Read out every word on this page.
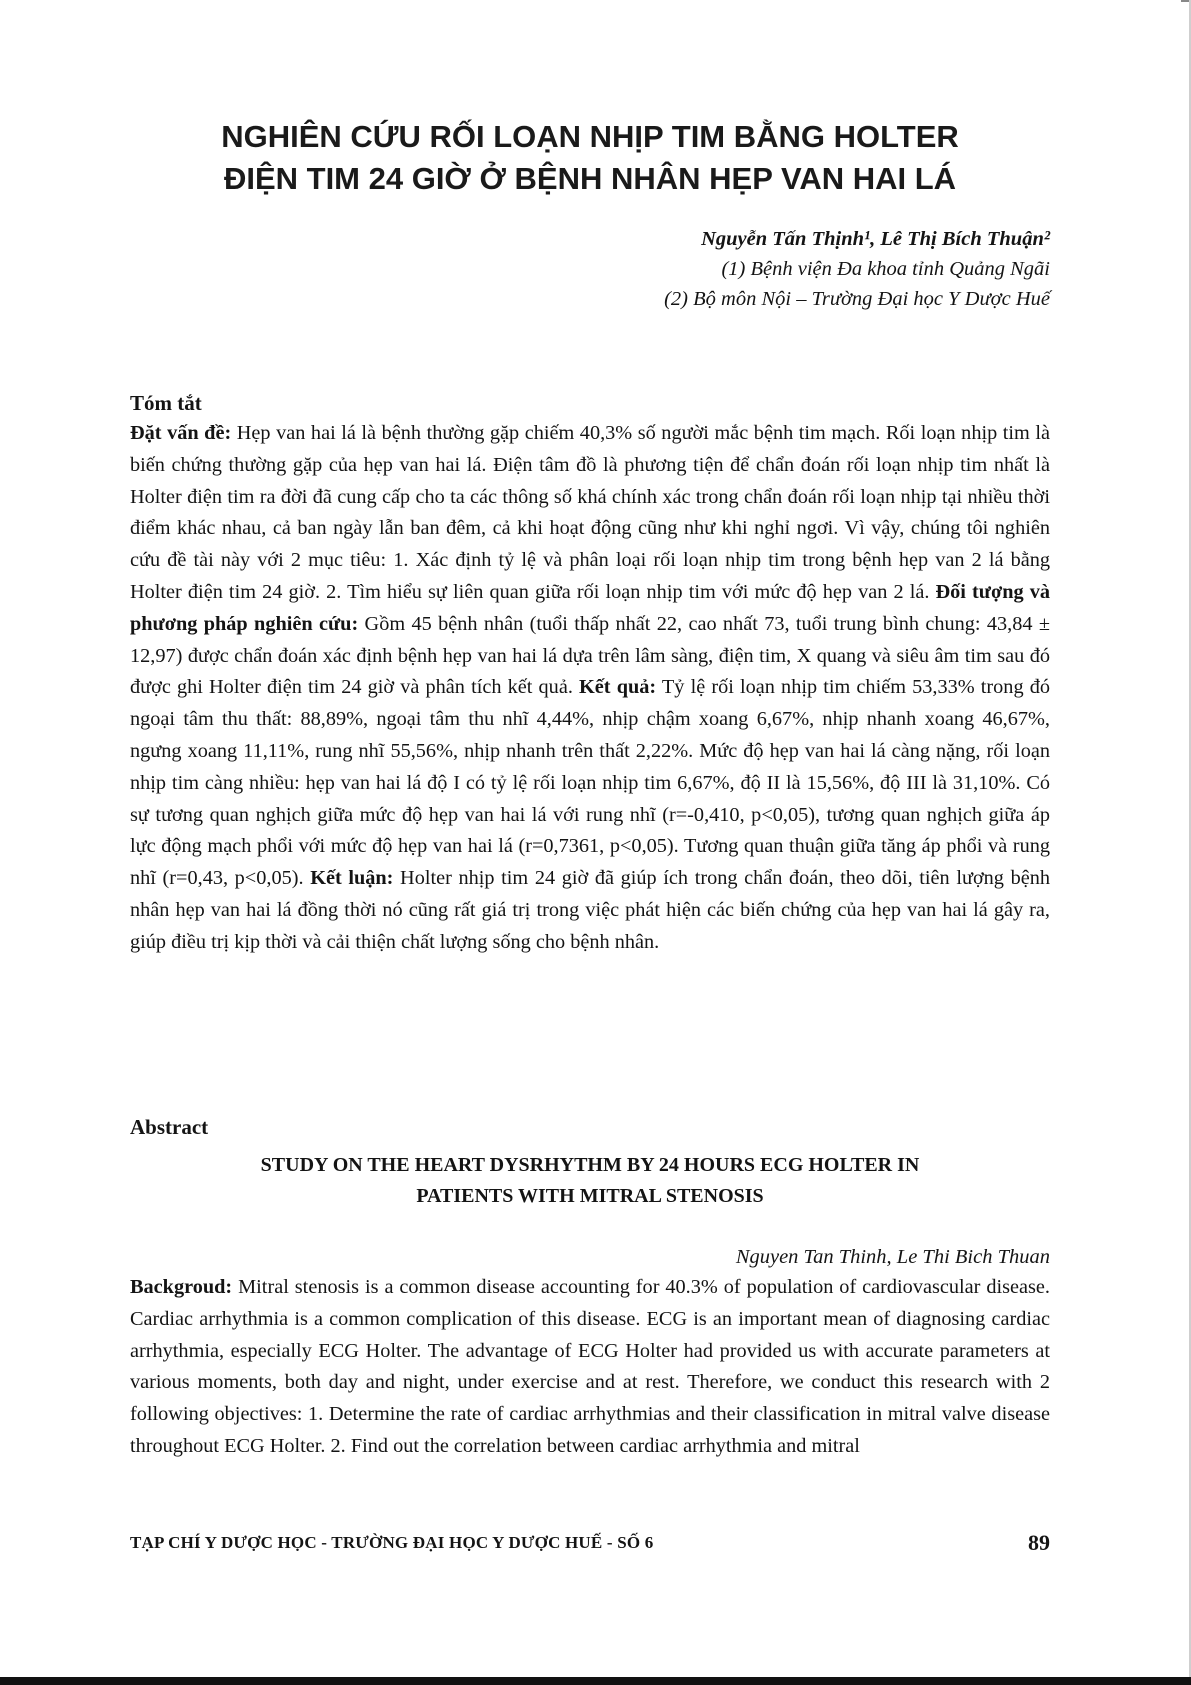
NGHIÊN CỨU RỐI LOẠN NHỊP TIM BẰNG HOLTER
ĐIỆN TIM 24 GIỜ Ở BỆNH NHÂN HẸP VAN HAI LÁ
Nguyễn Tấn Thịnh¹, Lê Thị Bích Thuận²
(1) Bệnh viện Đa khoa tỉnh Quảng Ngãi
(2) Bộ môn Nội – Trường Đại học Y Dược Huế

Tóm tắt

Đặt vấn đề: Hẹp van hai lá là bệnh thường gặp chiếm 40,3% số người mắc bệnh tim mạch. Rối loạn nhịp tim là biến chứng thường gặp của hẹp van hai lá. Điện tâm đồ là phương tiện để chẩn đoán rối loạn nhịp tim nhất là Holter điện tim ra đời đã cung cấp cho ta các thông số khá chính xác trong chẩn đoán rối loạn nhịp tại nhiều thời điểm khác nhau, cả ban ngày lẫn ban đêm, cả khi hoạt động cũng như khi nghỉ ngơi. Vì vậy, chúng tôi nghiên cứu đề tài này với 2 mục tiêu: 1. Xác định tỷ lệ và phân loại rối loạn nhịp tim trong bệnh hẹp van 2 lá bằng Holter điện tim 24 giờ. 2. Tìm hiểu sự liên quan giữa rối loạn nhịp tim với mức độ hẹp van 2 lá. Đối tượng và phương pháp nghiên cứu: Gồm 45 bệnh nhân (tuổi thấp nhất 22, cao nhất 73, tuổi trung bình chung: 43,84 ± 12,97) được chẩn đoán xác định bệnh hẹp van hai lá dựa trên lâm sàng, điện tim, X quang và siêu âm tim sau đó được ghi Holter điện tim 24 giờ và phân tích kết quả. Kết quả: Tỷ lệ rối loạn nhịp tim chiếm 53,33% trong đó ngoại tâm thu thất: 88,89%, ngoại tâm thu nhĩ 4,44%, nhịp chậm xoang 6,67%, nhịp nhanh xoang 46,67%, ngưng xoang 11,11%, rung nhĩ 55,56%, nhịp nhanh trên thất 2,22%. Mức độ hẹp van hai lá càng nặng, rối loạn nhịp tim càng nhiều: hẹp van hai lá độ I có tỷ lệ rối loạn nhịp tim 6,67%, độ II là 15,56%, độ III là 31,10%. Có sự tương quan nghịch giữa mức độ hẹp van hai lá với rung nhĩ (r=-0,410, p<0,05), tương quan nghịch giữa áp lực động mạch phổi với mức độ hẹp van hai lá (r=0,7361, p<0,05). Tương quan thuận giữa tăng áp phổi và rung nhĩ (r=0,43, p<0,05). Kết luận: Holter nhịp tim 24 giờ đã giúp ích trong chẩn đoán, theo dõi, tiên lượng bệnh nhân hẹp van hai lá đồng thời nó cũng rất giá trị trong việc phát hiện các biến chứng của hẹp van hai lá gây ra, giúp điều trị kịp thời và cải thiện chất lượng sống cho bệnh nhân.

Abstract

STUDY ON THE HEART DYSRHYTHM BY 24 HOURS ECG HOLTER IN
PATIENTS WITH MITRAL STENOSIS
Nguyen Tan Thinh, Le Thi Bich Thuan

Backgroud: Mitral stenosis is a common disease accounting for 40.3% of population of cardiovascular disease. Cardiac arrhythmia is a common complication of this disease. ECG is an important mean of diagnosing cardiac arrhythmia, especially ECG Holter. The advantage of ECG Holter had provided us with accurate parameters at various moments, both day and night, under exercise and at rest. Therefore, we conduct this research with 2 following objectives: 1. Determine the rate of cardiac arrhythmias and their classification in mitral valve disease throughout ECG Holter. 2. Find out the correlation between cardiac arrhythmia and mitral

TẠP CHÍ Y DƯỢC HỌC - TRƯỜNG ĐẠI HỌC Y DƯỢC HUẾ - SỐ 6	89
